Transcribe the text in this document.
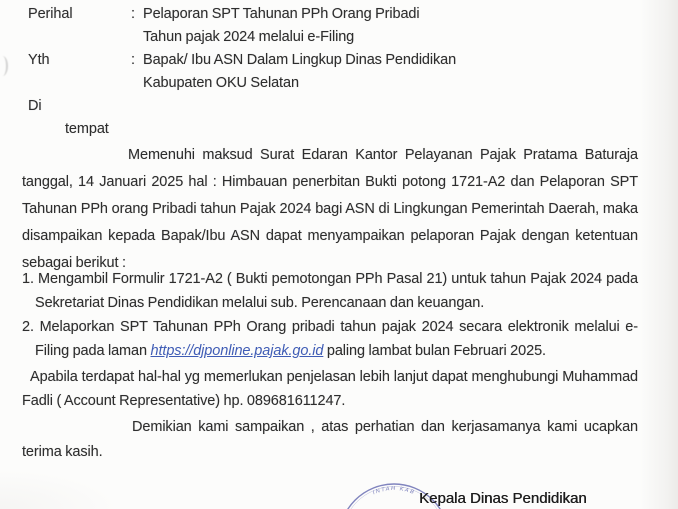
Perihal	: Pelaporan SPT Tahunan PPh Orang Pribadi
Tahun pajak 2024 melalui e-Filing
Yth	: Bapak/ Ibu ASN Dalam Lingkup Dinas Pendidikan
Kabupaten OKU Selatan
Di
tempat
Memenuhi maksud Surat Edaran Kantor Pelayanan Pajak Pratama Baturaja tanggal, 14 Januari 2025 hal : Himbauan penerbitan Bukti potong 1721-A2 dan Pelaporan SPT Tahunan PPh orang Pribadi tahun Pajak 2024 bagi ASN di Lingkungan Pemerintah Daerah, maka disampaikan kepada Bapak/Ibu ASN dapat menyampaikan pelaporan Pajak dengan ketentuan sebagai berikut :
1. Mengambil Formulir 1721-A2 ( Bukti pemotongan PPh Pasal 21) untuk tahun Pajak 2024 pada Sekretariat Dinas Pendidikan melalui sub. Perencanaan dan keuangan.
2. Melaporkan SPT Tahunan PPh Orang pribadi tahun pajak 2024 secara elektronik melalui e-Filing pada laman https://djponline.pajak.go.id paling lambat bulan Februari 2025.
Apabila terdapat hal-hal yg memerlukan penjelasan lebih lanjut dapat menghubungi Muhammad Fadli ( Account Representative) hp. 089681611247.
Demikian kami sampaikan , atas perhatian dan kerjasamanya kami ucapkan terima kasih.
INTAH KAB Kepala Dinas Pendidikan
